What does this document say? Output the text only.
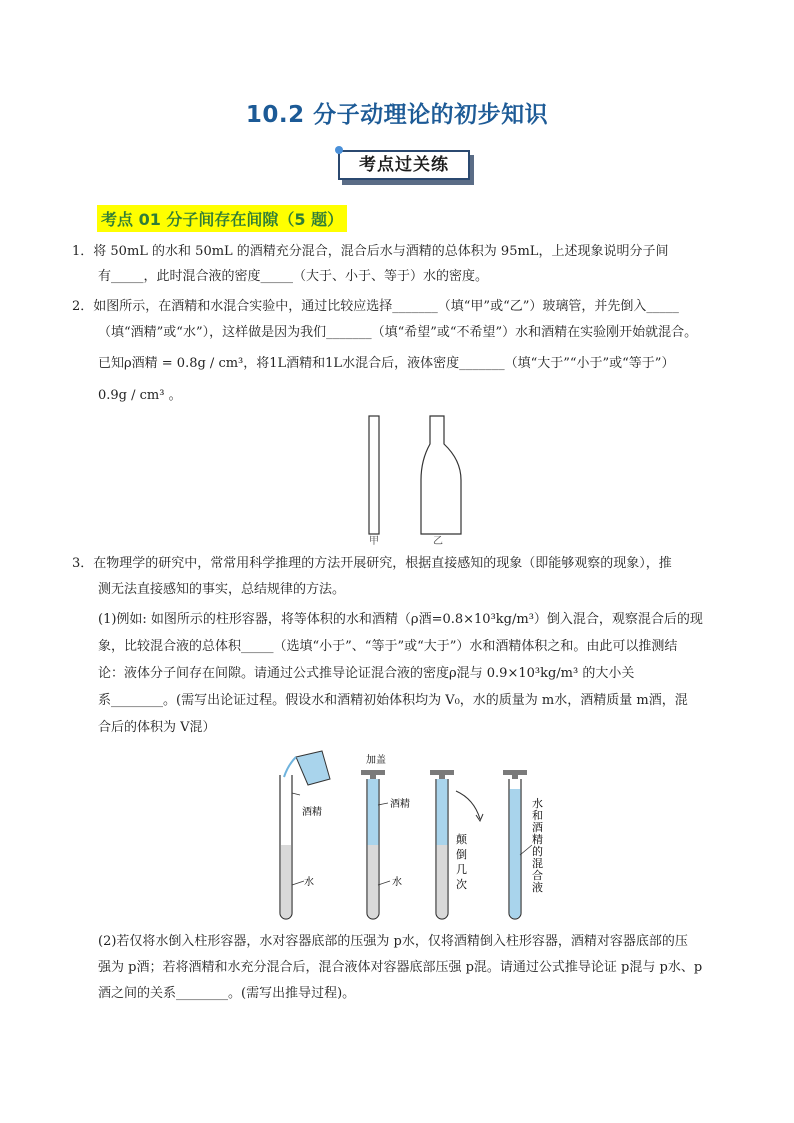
10.2 分子动理论的初步知识
考点过关练
考点 01 分子间存在间隙（5 题）
1．将 50mL 的水和 50mL 的酒精充分混合，混合后水与酒精的总体积为 95mL，上述现象说明分子间
有_____，此时混合液的密度_____（大于、小于、等于）水的密度。
2．如图所示，在酒精和水混合实验中，通过比较应选择_______（填“甲”或“乙”）玻璃管，并先倒入_____
（填“酒精”或“水”），这样做是因为我们_______（填“希望”或“不希望”）水和酒精在实验刚开始就混合。
已知ρ酒精 = 0.8g / cm³，将1L酒精和1L水混合后，液体密度_______（填“大于”“小于”或“等于”）
0.9g / cm³ 。
甲	乙
3．在物理学的研究中，常常用科学推理的方法开展研究，根据直接感知的现象（即能够观察的现象），推
测无法直接感知的事实，总结规律的方法。
(1)例如: 如图所示的柱形容器，将等体积的水和酒精（ρ酒=0.8×10³kg/m³）倒入混合，观察混合后的现
象，比较混合液的总体积_____（选填“小于”、“等于”或“大于”）水和酒精体积之和。由此可以推测结
论：液体分子间存在间隙。请通过公式推导论证混合液的密度ρ混与 0.9×10³kg/m³ 的大小关
系________。(需写出论证过程。假设水和酒精初始体积均为 V₀，水的质量为 m水，酒精质量 m酒，混
合后的体积为 V混）
水
酒精
加盖
酒精
水
颠
倒
几
次
水
和
酒
精
的
混
合
液
(2)若仅将水倒入柱形容器，水对容器底部的压强为 p水，仅将酒精倒入柱形容器，酒精对容器底部的压
强为 p酒；若将酒精和水充分混合后，混合液体对容器底部压强 p混。请通过公式推导论证 p混与 p水、p
酒之间的关系________。(需写出推导过程)。
